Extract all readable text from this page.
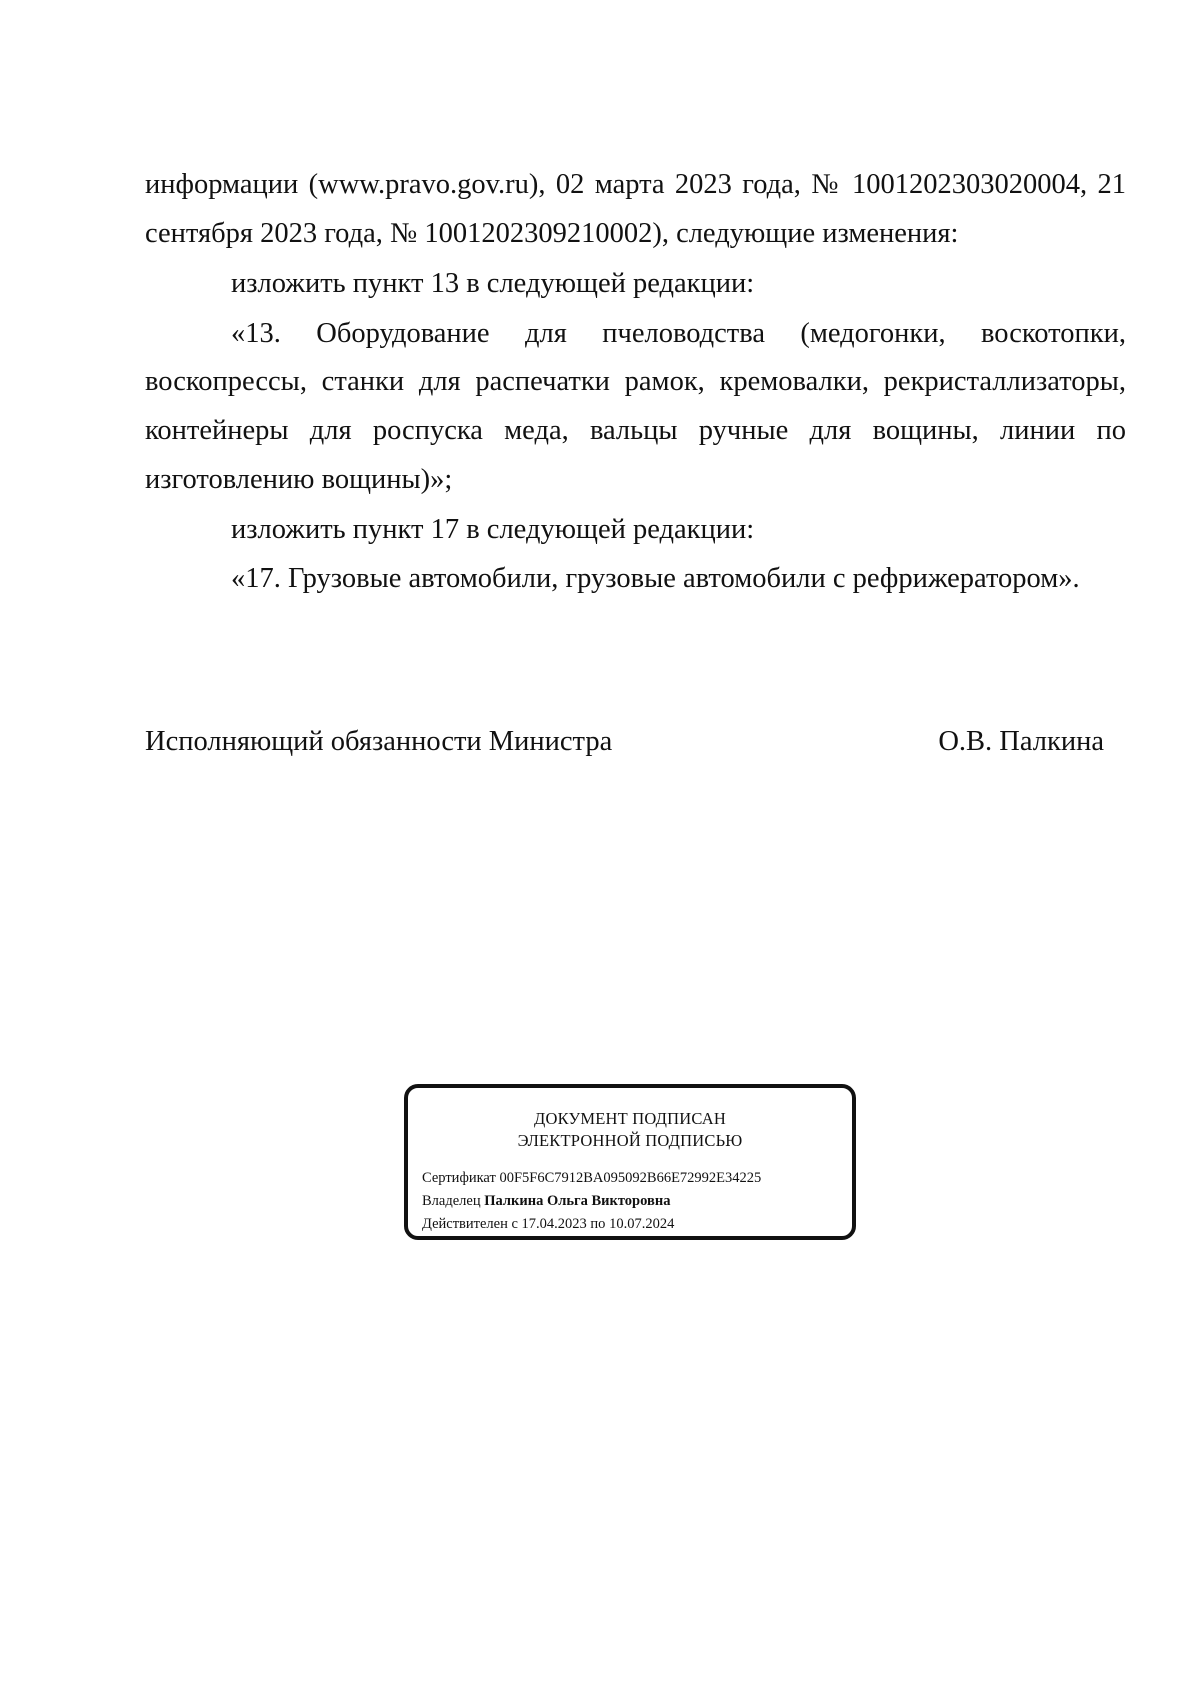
информации (www.pravo.gov.ru), 02 марта 2023 года, № 1001202303020004, 21
сентября 2023 года, № 1001202309210002), следующие изменения:
изложить пункт 13 в следующей редакции:
«13. Оборудование для пчеловодства (медогонки, воскотопки,
воскопрессы, станки для распечатки рамок, кремовалки, рекристаллизаторы,
контейнеры для роспуска меда, вальцы ручные для вощины, линии по
изготовлению вощины)»;
изложить пункт 17 в следующей редакции:
«17. Грузовые автомобили, грузовые автомобили с рефрижератором».
Исполняющий обязанности Министра	О.В. Палкина
ДОКУМЕНТ ПОДПИСАН
ЭЛЕКТРОННОЙ ПОДПИСЬЮ
Сертификат 00F5F6C7912BA095092B66E72992E34225
Владелец Палкина Ольга Викторовна
Действителен с 17.04.2023 по 10.07.2024
